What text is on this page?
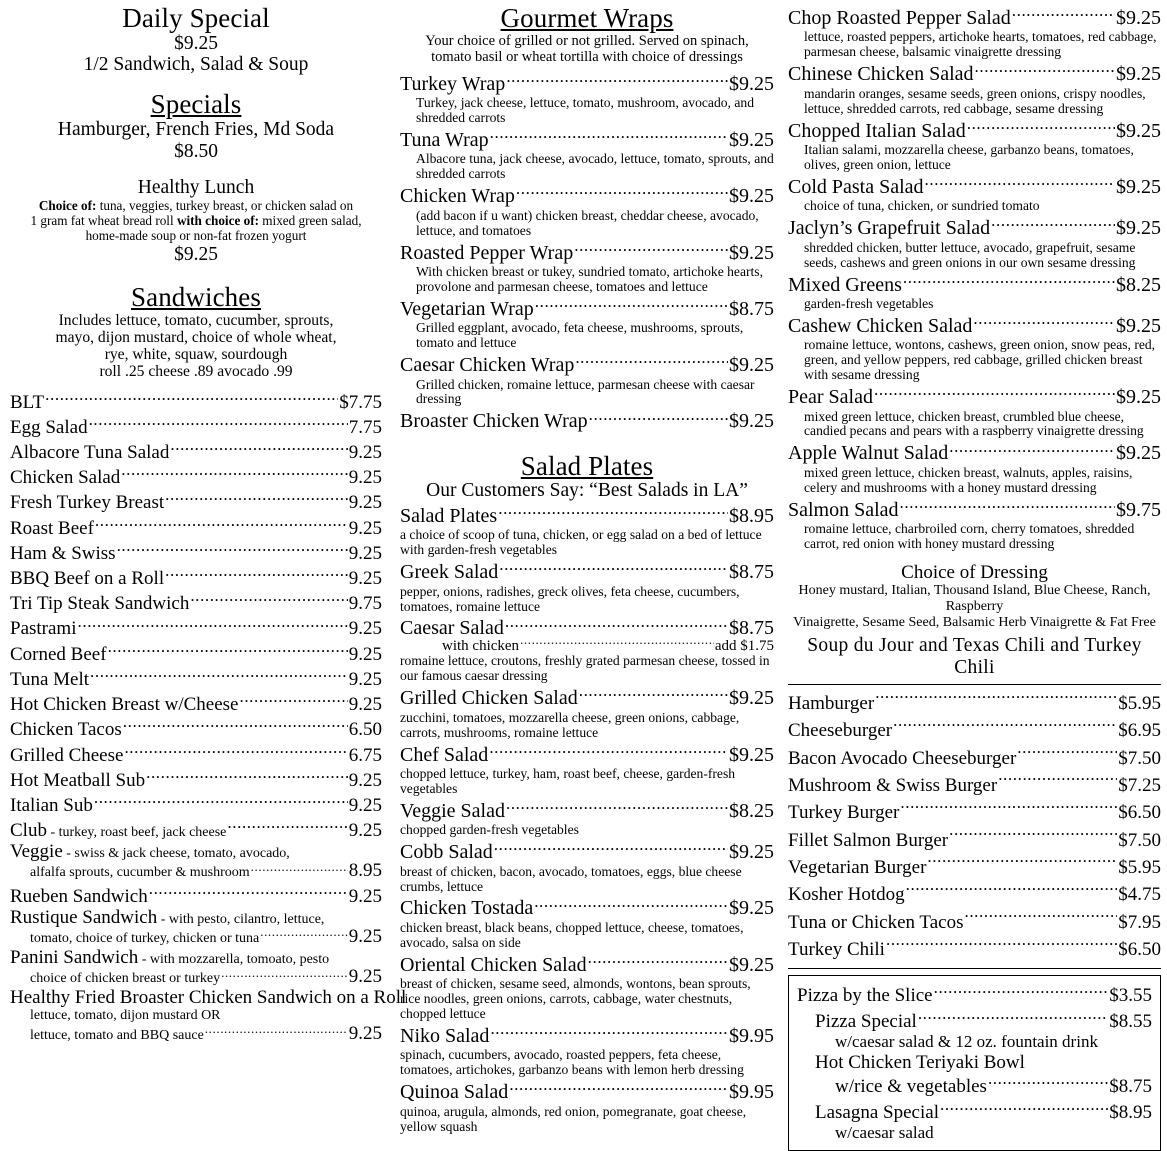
Daily Special
$9.25
1/2 Sandwich, Salad & Soup
Specials
Hamburger, French Fries, Md Soda
$8.50
Healthy Lunch
Choice of: tuna, veggies, turkey breast, or chicken salad on
1 gram fat wheat bread roll with choice of: mixed green salad,
home-made soup or non-fat frozen yogurt
$9.25
Sandwiches
Includes lettuce, tomato, cucumber, sprouts,
mayo, dijon mustard, choice of whole wheat,
rye, white, squaw, sourdough
roll .25 cheese .89 avocado .99
BLT .....	$7.75
Egg Salad .....	7.75
Albacore Tuna Salad .....	9.25
Chicken Salad .....	9.25
Fresh Turkey Breast .....	9.25
Roast Beef .....	9.25
Ham & Swiss .....	9.25
BBQ Beef on a Roll .....	9.25
Tri Tip Steak Sandwich .....	9.75
Pastrami .....	9.25
Corned Beef .....	9.25
Tuna Melt .....	9.25
Hot Chicken Breast w/Cheese .....	9.25
Chicken Tacos .....	6.50
Grilled Cheese .....	6.75
Hot Meatball Sub .....	9.25
Italian Sub .....	9.25
Club - turkey, roast beef, jack cheese .....	9.25
Veggie - swiss & jack cheese, tomato, avocado,
alfalfa sprouts, cucumber & mushroom .....	8.95
Rueben Sandwich .....	9.25
Rustique Sandwich - with pesto, cilantro, lettuce,
tomato, choice of turkey, chicken or tuna .....	9.25
Panini Sandwich - with mozzarella, tomoato, pesto
choice of chicken breast or turkey .....	9.25
Healthy Fried Broaster Chicken Sandwich on a Roll
lettuce, tomato, dijon mustard OR
lettuce, tomato and BBQ sauce .....	9.25
Gourmet Wraps
Your choice of grilled or not grilled. Served on spinach,
tomato basil or wheat tortilla with choice of dressings
Turkey Wrap .....	$9.25
Turkey, jack cheese, lettuce, tomato, mushroom, avocado, and shredded carrots
Tuna Wrap .....	$9.25
Albacore tuna, jack cheese, avocado, lettuce, tomato, sprouts, and shredded carrots
Chicken Wrap .....	$9.25
(add bacon if u want) chicken breast, cheddar cheese, avocado, lettuce, and tomatoes
Roasted Pepper Wrap .....	$9.25
With chicken breast or tukey, sundried tomato, artichoke hearts, provolone and parmesan cheese, tomatoes and lettuce
Vegetarian Wrap .....	$8.75
Grilled eggplant, avocado, feta cheese, mushrooms, sprouts, tomato and lettuce
Caesar Chicken Wrap .....	$9.25
Grilled chicken, romaine lettuce, parmesan cheese with caesar dressing
Broaster Chicken Wrap .....	$9.25
Salad Plates
Our Customers Say: “Best Salads in LA”
Salad Plates .....	$8.95
a choice of scoop of tuna, chicken, or egg salad on a bed of lettuce with garden-fresh vegetables
Greek Salad .....	$8.75
pepper, onions, radishes, greck olives, feta cheese, cucumbers, tomatoes, romaine lettuce
Caesar Salad .....	$8.75
with chicken .....	add $1.75
romaine lettuce, croutons, freshly grated parmesan cheese, tossed in our famous caesar dressing
Grilled Chicken Salad .....	$9.25
zucchini, tomatoes, mozzarella cheese, green onions, cabbage, carrots, mushrooms, romaine lettuce
Chef Salad .....	$9.25
chopped lettuce, turkey, ham, roast beef, cheese, garden-fresh vegetables
Veggie Salad .....	$8.25
chopped garden-fresh vegetables
Cobb Salad .....	$9.25
breast of chicken, bacon, avocado, tomatoes, eggs, blue cheese crumbs, lettuce
Chicken Tostada .....	$9.25
chicken breast, black beans, chopped lettuce, cheese, tomatoes, avocado, salsa on side
Oriental Chicken Salad .....	$9.25
breast of chicken, sesame seed, almonds, wontons, bean sprouts, rice noodles, green onions, carrots, cabbage, water chestnuts, chopped lettuce
Niko Salad .....	$9.95
spinach, cucumbers, avocado, roasted peppers, feta cheese, tomatoes, artichokes, garbanzo beans with lemon herb dressing
Quinoa Salad .....	$9.95
quinoa, arugula, almonds, red onion, pomegranate, goat cheese, yellow squash
Chop Roasted Pepper Salad .....	$9.25
lettuce, roasted peppers, artichoke hearts, tomatoes, red cabbage, parmesan cheese, balsamic vinaigrette dressing
Chinese Chicken Salad .....	$9.25
mandarin oranges, sesame seeds, green onions, crispy noodles, lettuce, shredded carrots, red cabbage, sesame dressing
Chopped Italian Salad .....	$9.25
Italian salami, mozzarella cheese, garbanzo beans, tomatoes, olives, green onion, lettuce
Cold Pasta Salad .....	$9.25
choice of tuna, chicken, or sundried tomato
Jaclyn’s Grapefruit Salad .....	$9.25
shredded chicken, butter lettuce, avocado, grapefruit, sesame seeds, cashews and green onions in our own sesame dressing
Mixed Greens .....	$8.25
garden-fresh vegetables
Cashew Chicken Salad .....	$9.25
romaine lettuce, wontons, cashews, green onion, snow peas, red, green, and yellow peppers, red cabbage, grilled chicken breast with sesame dressing
Pear Salad .....	$9.25
mixed green lettuce, chicken breast, crumbled blue cheese, candied pecans and pears with a raspberry vinaigrette dressing
Apple Walnut Salad .....	$9.25
mixed green lettuce, chicken breast, walnuts, apples, raisins, celery and mushrooms with a honey mustard dressing
Salmon Salad .....	$9.75
romaine lettuce, charbroiled corn, cherry tomatoes, shredded carrot, red onion with honey mustard dressing
Choice of Dressing
Honey mustard, Italian, Thousand Island, Blue Cheese, Ranch, Raspberry
Vinaigrette, Sesame Seed, Balsamic Herb Vinaigrette & Fat Free
Soup du Jour and Texas Chili and Turkey Chili
Hamburger .....	$5.95
Cheeseburger .....	$6.95
Bacon Avocado Cheeseburger .....	$7.50
Mushroom & Swiss Burger .....	$7.25
Turkey Burger .....	$6.50
Fillet Salmon Burger .....	$7.50
Vegetarian Burger .....	$5.95
Kosher Hotdog .....	$4.75
Tuna or Chicken Tacos .....	$7.95
Turkey Chili .....	$6.50
Pizza by the Slice .....	$3.55
Pizza Special .....	$8.55
w/caesar salad & 12 oz. fountain drink
Hot Chicken Teriyaki Bowl
w/rice & vegetables .....	$8.75
Lasagna Special .....	$8.95
w/caesar salad
